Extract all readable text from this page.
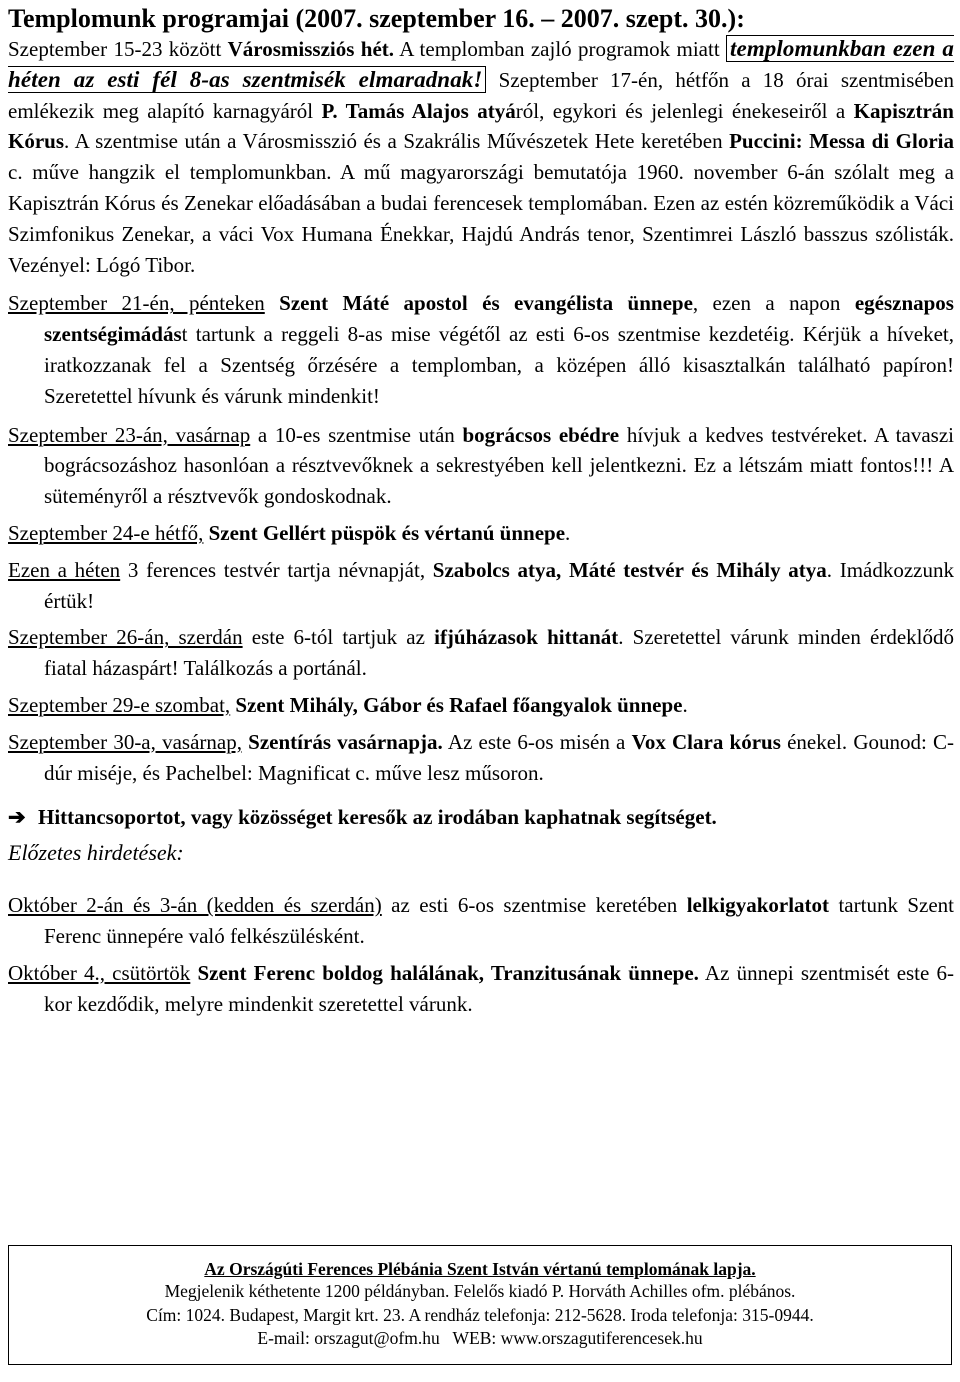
Templomunk programjai (2007. szeptember 16. – 2007. szept. 30.):

Szeptember 15-23 között Városmissziós hét. A templomban zajló programok miatt templomunkban ezen a héten az esti fél 8-as szentmisék elmaradnak! Szeptember 17-én, hétfőn a 18 órai szentmisében emlékezik meg alapító karnagyáról P. Tamás Alajos atyáról, egykori és jelenlegi énekeseiről a Kapisztrán Kórus. A szentmise után a Városmisszió és a Szakrális Művészetek Hete keretében Puccini: Messa di Gloria c. műve hangzik el templomunkban. A mű magyarországi bemutatója 1960. november 6-án szólalt meg a Kapisztrán Kórus és Zenekar előadásában a budai ferencesek templomában. Ezen az estén közreműködik a Váci Szimfonikus Zenekar, a váci Vox Humana Énekkar, Hajdú András tenor, Szentimrei László basszus szólisták. Vezényel: Lógó Tibor.

Szeptember 21-én, pénteken Szent Máté apostol és evangélista ünnepe, ezen a napon egésznapos szentségimádást tartunk a reggeli 8-as mise végétől az esti 6-os szentmise kezdetéig. Kérjük a híveket, iratkozzanak fel a Szentség őrzésére a templomban, a középen álló kisasztalkán található papíron! Szeretettel hívunk és várunk mindenkit!

Szeptember 23-án, vasárnap a 10-es szentmise után bográcsos ebédre hívjuk a kedves testvéreket. A tavaszi bográcsozáshoz hasonlóan a résztvevőknek a sekrestyében kell jelentkezni. Ez a létszám miatt fontos!!! A süteményről a résztvevők gondoskodnak.

Szeptember 24-e hétfő, Szent Gellért püspök és vértanú ünnepe.

Ezen a héten 3 ferences testvér tartja névnapját, Szabolcs atya, Máté testvér és Mihály atya. Imádkozzunk értük!

Szeptember 26-án, szerdán este 6-tól tartjuk az ifjúházasok hittanát. Szeretettel várunk minden érdeklődő fiatal házaspárt! Találkozás a portánál.

Szeptember 29-e szombat, Szent Mihály, Gábor és Rafael főangyalok ünnepe.

Szeptember 30-a, vasárnap, Szentírás vasárnapja. Az este 6-os misén a Vox Clara kórus énekel. Gounod: C-dúr miséje, és Pachelbel: Magnificat c. műve lesz műsoron.

➔ Hittancsoportot, vagy közösséget keresők az irodában kaphatnak segítséget.

Előzetes hirdetések:

Október 2-án és 3-án (kedden és szerdán) az esti 6-os szentmise keretében lelkigyakorlatot tartunk Szent Ferenc ünnepére való felkészülésként.

Október 4., csütörtök Szent Ferenc boldog halálának, Tranzitusának ünnepe. Az ünnepi szentmisét este 6-kor kezdődik, melyre mindenkit szeretettel várunk.

Az Országúti Ferences Plébánia Szent István vértanú templomának lapja.

Megjelenik kéthetente 1200 példányban. Felelős kiadó P. Horváth Achilles ofm. plébános.

Cím: 1024. Budapest, Margit krt. 23. A rendház telefonja: 212-5628. Iroda telefonja: 315-0944.

E-mail: orszagut@ofm.hu   WEB: www.orszagutiferencesek.hu
